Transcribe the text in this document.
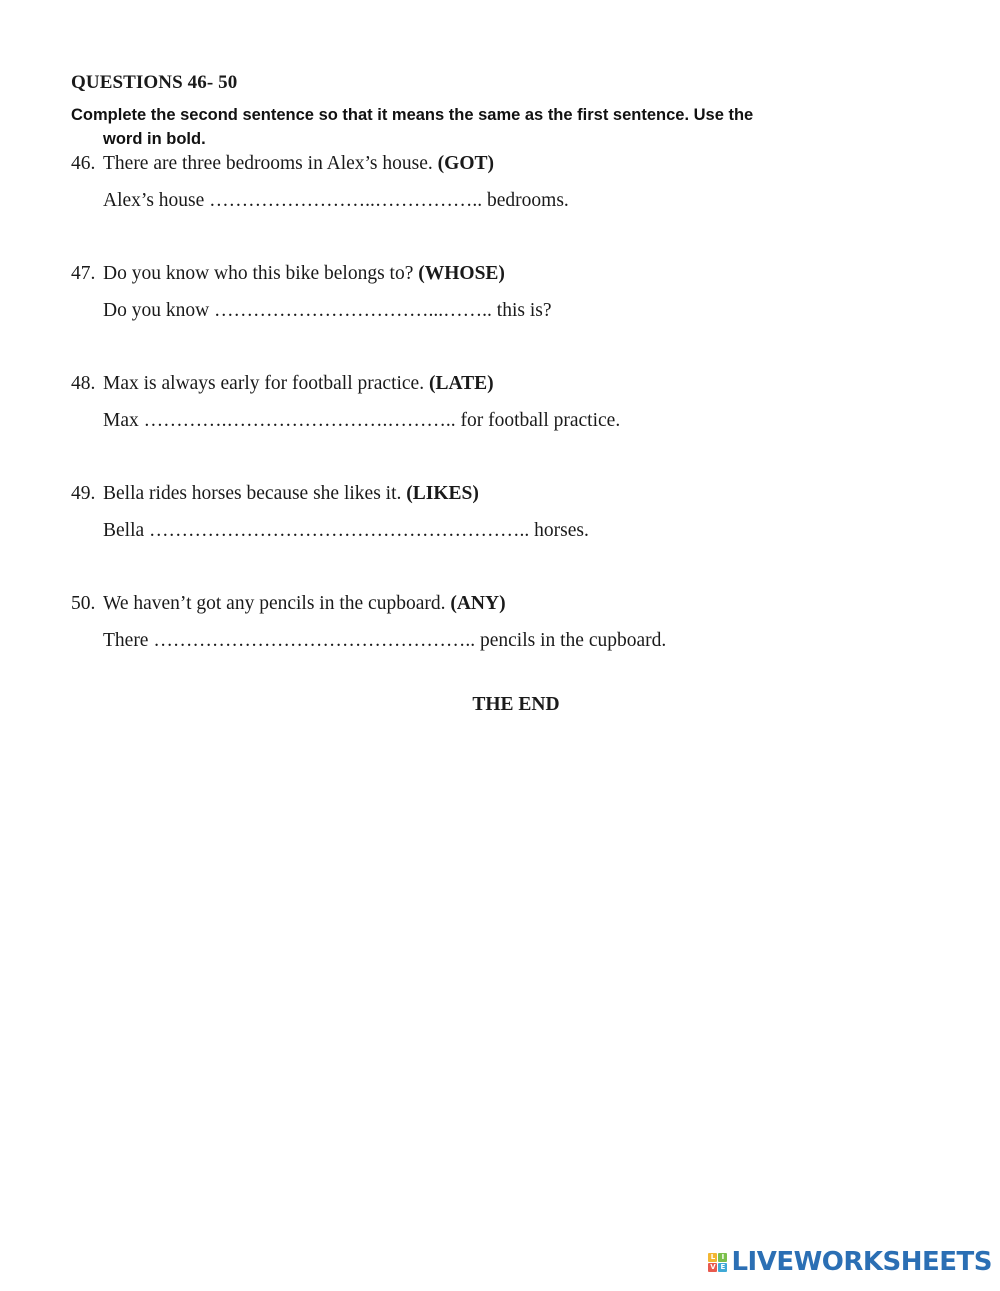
QUESTIONS 46- 50
Complete the second sentence so that it means the same as the first sentence. Use the
word in bold.
46. There are three bedrooms in Alex’s house. (GOT)
Alex’s house ……………………..…………….. bedrooms.
47. Do you know who this bike belongs to? (WHOSE)
Do you know ……………………………...…….. this is?
48. Max is always early for football practice. (LATE)
Max ………….…………………….……….. for football practice.
49. Bella rides horses because she likes it. (LIKES)
Bella ………………………………………………….. horses.
50. We haven’t got any pencils in the cupboard. (ANY)
There ………………………………………….. pencils in the cupboard.
THE END
L I
V E LIVEWORKSHEETS
